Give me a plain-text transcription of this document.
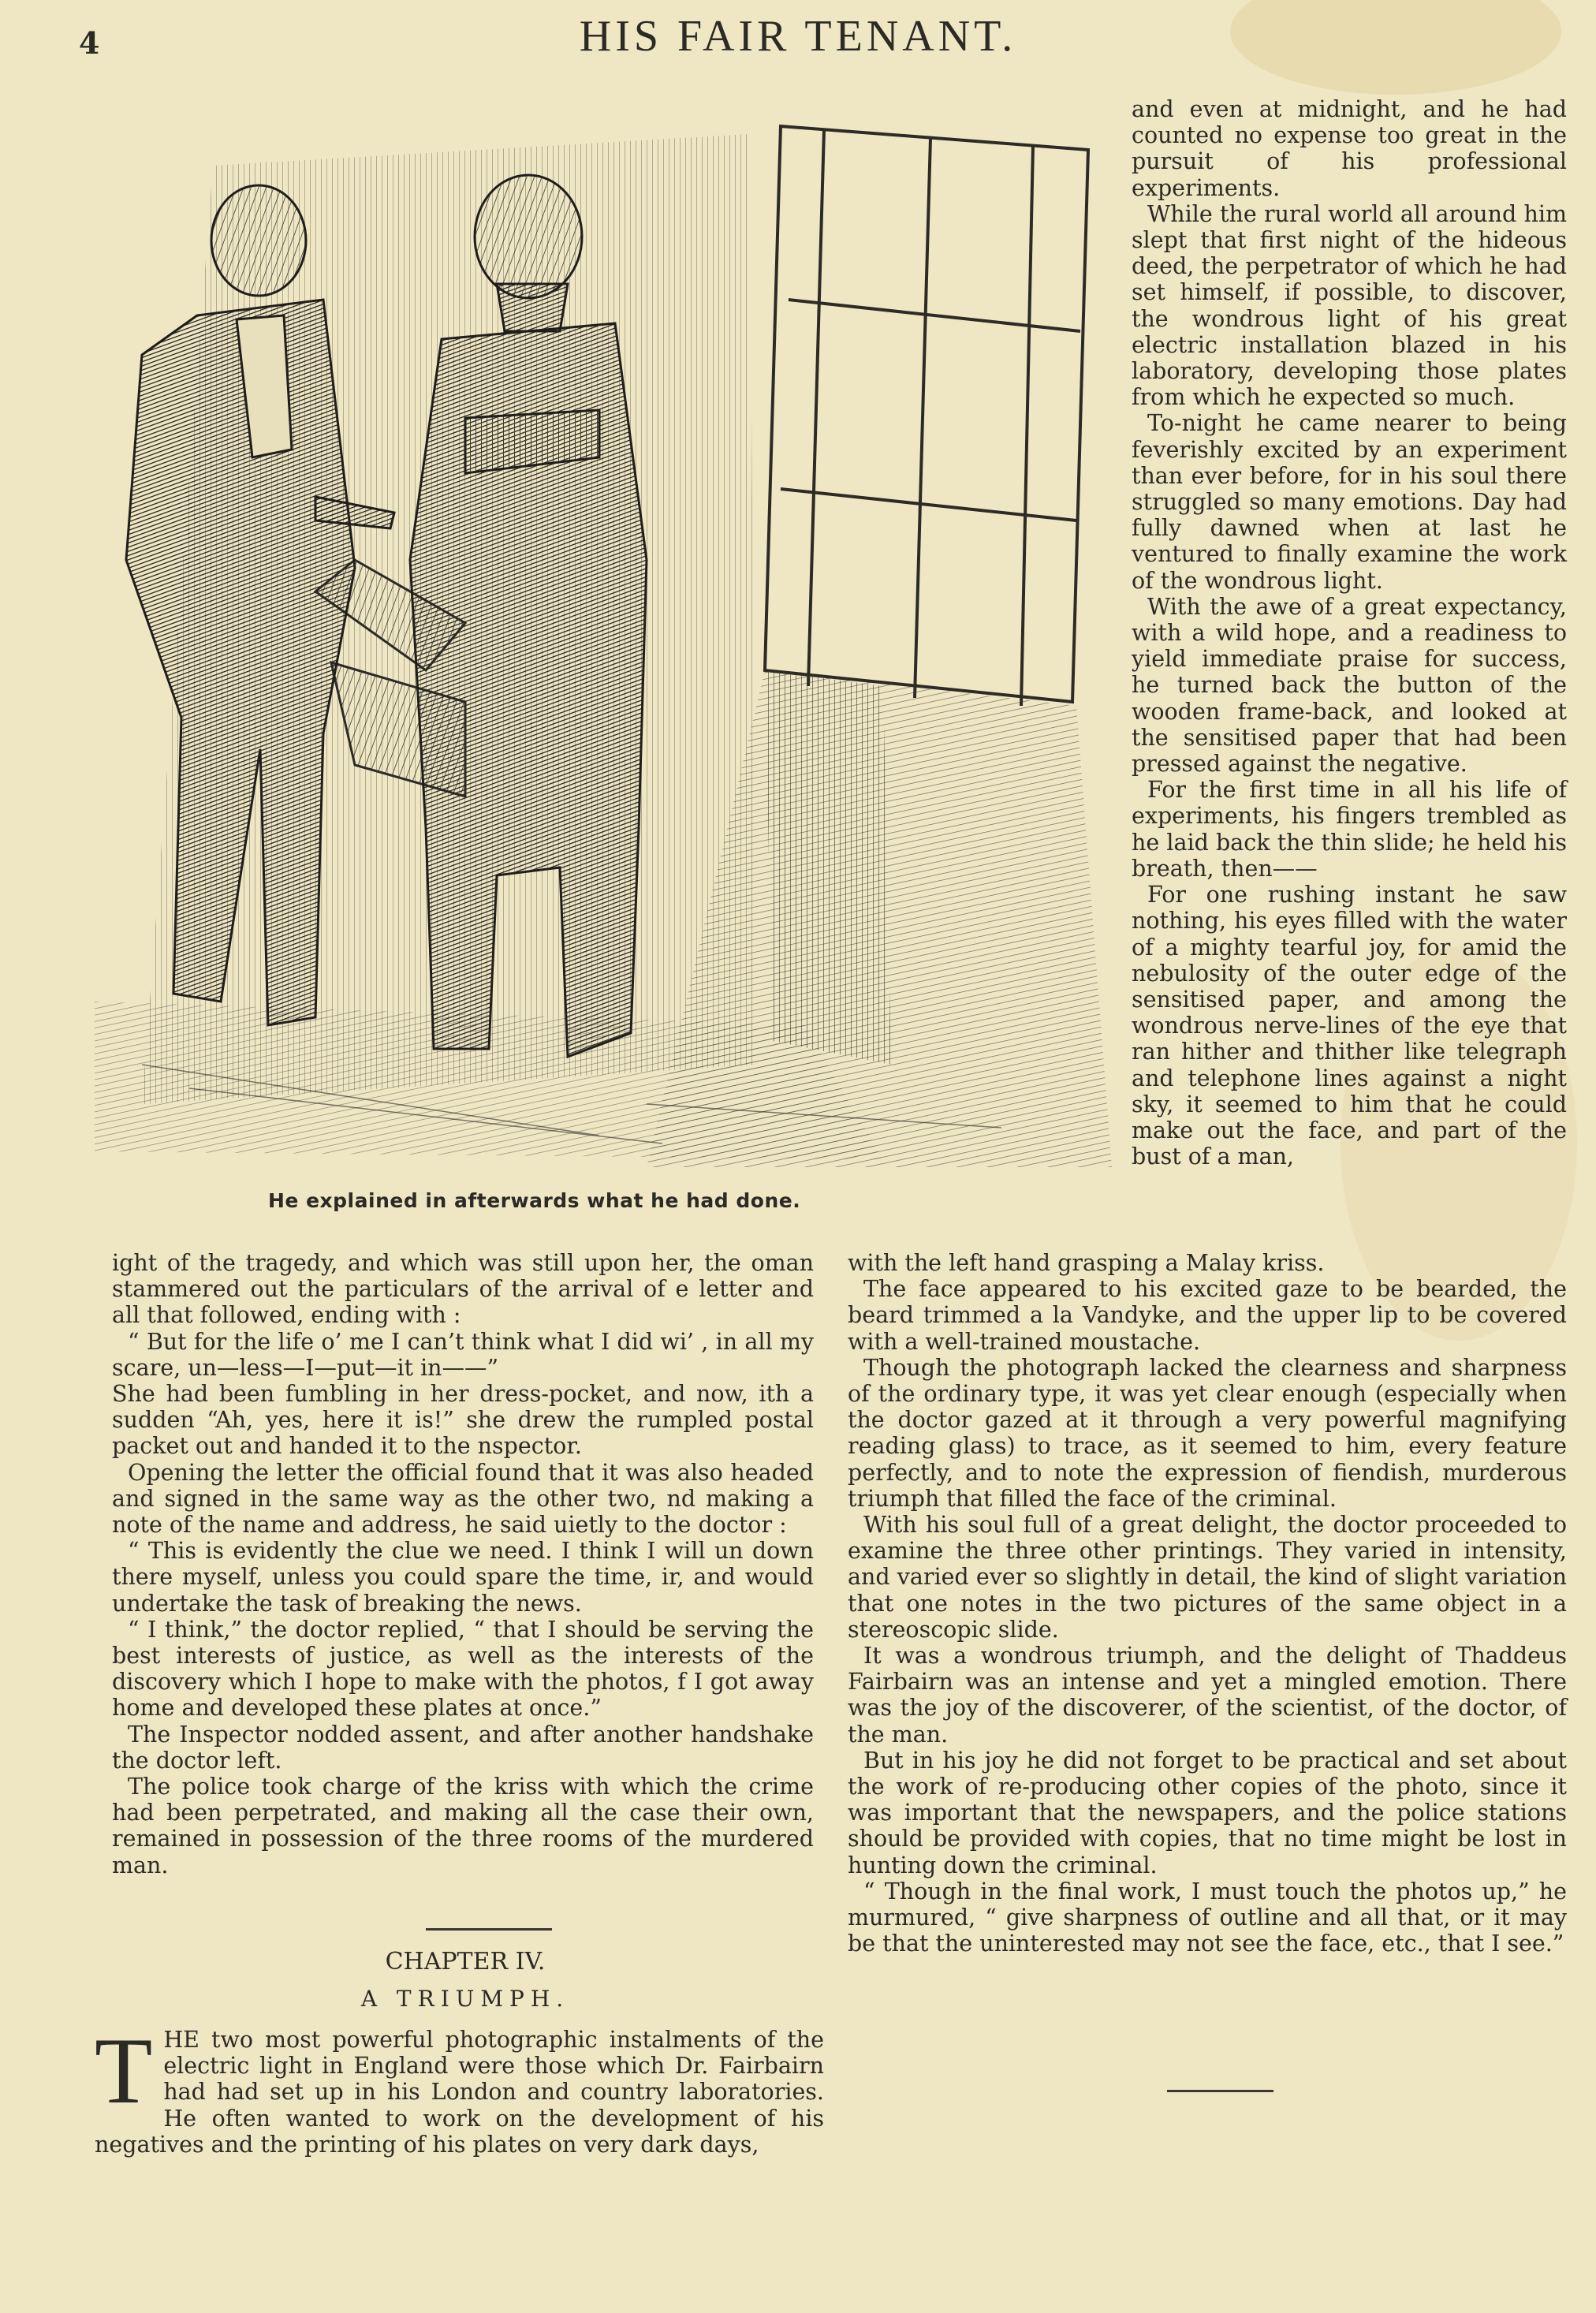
4	HIS FAIR TENANT.
He explained in afterwards what he had done.

and even at midnight, and he had counted no expense too great in the pursuit of his professional experiments.

While the rural world all around him slept that first night of the hideous deed, the perpetrator of which he had set himself, if possible, to discover, the wondrous light of his great electric installation blazed in his laboratory, developing those plates from which he expected so much.

To-night he came nearer to being feverishly excited by an experiment than ever before, for in his soul there struggled so many emotions. Day had fully dawned when at last he ventured to finally examine the work of the wondrous light.

With the awe of a great expectancy, with a wild hope, and a readiness to yield immediate praise for success, he turned back the button of the wooden frame-back, and looked at the sensitised paper that had been pressed against the negative.

For the first time in all his life of experiments, his fingers trembled as he laid back the thin slide; he held his breath, then——

For one rushing instant he saw nothing, his eyes filled with the water of a mighty tearful joy, for amid the nebulosity of the outer edge of the sensitised paper, and among the wondrous nerve-lines of the eye that ran hither and thither like telegraph and telephone lines against a night sky, it seemed to him that he could make out the face, and part of the bust of a man,

ight of the tragedy, and which was still upon her, the oman stammered out the particulars of the arrival of e letter and all that followed, ending with :

“ But for the life o’ me I can’t think what I did wi’ , in all my scare, un—less—I—put—it in——”

She had been fumbling in her dress-pocket, and now, ith a sudden “Ah, yes, here it is!” she drew the rumpled postal packet out and handed it to the nspector.

Opening the letter the official found that it was also headed and signed in the same way as the other two, nd making a note of the name and address, he said uietly to the doctor :

“ This is evidently the clue we need. I think I will un down there myself, unless you could spare the time, ir, and would undertake the task of breaking the news.

“ I think,” the doctor replied, “ that I should be serving the best interests of justice, as well as the interests of the discovery which I hope to make with the photos, f I got away home and developed these plates at once.”

The Inspector nodded assent, and after another handshake the doctor left.

The police took charge of the kriss with which the crime had been perpetrated, and making all the case their own, remained in possession of the three rooms of the murdered man.

CHAPTER IV.
A TRIUMPH.
T HE two most powerful photographic instalments of the electric light in England were those which Dr. Fairbairn had had set up in his London and country laboratories. He often wanted to work on the development of his negatives and the printing of his plates on very dark days,

with the left hand grasping a Malay kriss.

The face appeared to his excited gaze to be bearded, the beard trimmed a la Vandyke, and the upper lip to be covered with a well-trained moustache.

Though the photograph lacked the clearness and sharpness of the ordinary type, it was yet clear enough (especially when the doctor gazed at it through a very powerful magnifying reading glass) to trace, as it seemed to him, every feature perfectly, and to note the expression of fiendish, murderous triumph that filled the face of the criminal.

With his soul full of a great delight, the doctor proceeded to examine the three other printings. They varied in intensity, and varied ever so slightly in detail, the kind of slight variation that one notes in the two pictures of the same object in a stereoscopic slide.

It was a wondrous triumph, and the delight of Thaddeus Fairbairn was an intense and yet a mingled emotion. There was the joy of the discoverer, of the scientist, of the doctor, of the man.

But in his joy he did not forget to be practical and set about the work of re-producing other copies of the photo, since it was important that the newspapers, and the police stations should be provided with copies, that no time might be lost in hunting down the criminal.

“ Though in the final work, I must touch the photos up,” he murmured, “ give sharpness of outline and all that, or it may be that the uninterested may not see the face, etc., that I see.”
